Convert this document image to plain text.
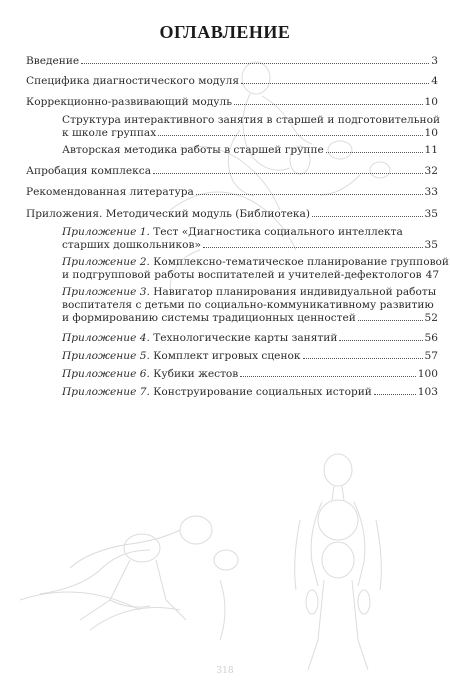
ОГЛАВЛЕНИЕ
Введение	3
Специфика диагностического модуля	4
Коррекционно-развивающий модуль	10
Структура интерактивного занятия в старшей и подготовительной
к школе группах	10
Авторская методика работы в старшей группе	11
Апробация комплекса	32
Рекомендованная литература	33
Приложения. Методический модуль (Библиотека)	35
Приложение 1. Тест «Диагностика социального интеллекта
старших дошкольников»	35
Приложение 2. Комплексно-тематическое планирование групповой
и подгрупповой работы воспитателей и учителей-дефектологов 47
Приложение 3. Навигатор планирования индивидуальной работы
воспитателя с детьми по социально-коммуникативному развитию
и формированию системы традиционных ценностей	52
Приложение 4. Технологические карты занятий	56
Приложение 5. Комплект игровых сценок	57
Приложение 6. Кубики жестов	100
Приложение 7. Конструирование социальных историй	103
318
